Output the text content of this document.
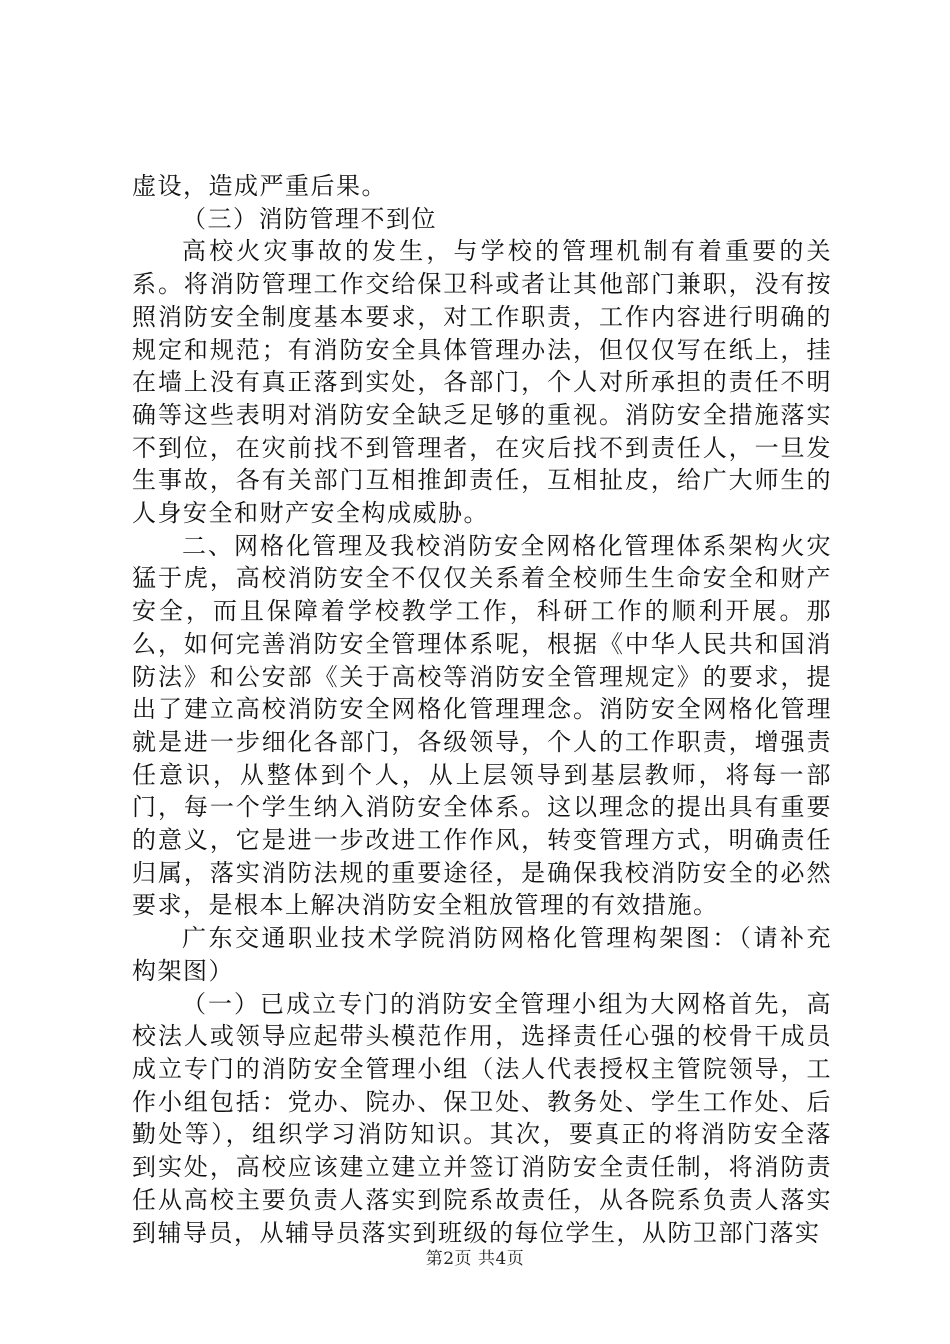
虚设，造成严重后果。

（三）消防管理不到位

高校火灾事故的发生，与学校的管理机制有着重要的关系。将消防管理工作交给保卫科或者让其他部门兼职，没有按照消防安全制度基本要求，对工作职责，工作内容进行明确的规定和规范；有消防安全具体管理办法，但仅仅写在纸上，挂在墙上没有真正落到实处，各部门，个人对所承担的责任不明确等这些表明对消防安全缺乏足够的重视。消防安全措施落实不到位，在灾前找不到管理者，在灾后找不到责任人，一旦发生事故，各有关部门互相推卸责任，互相扯皮，给广大师生的人身安全和财产安全构成威胁。

二、网格化管理及我校消防安全网格化管理体系架构火灾猛于虎，高校消防安全不仅仅关系着全校师生生命安全和财产安全，而且保障着学校教学工作，科研工作的顺利开展。那么，如何完善消防安全管理体系呢，根据《中华人民共和国消防法》和公安部《关于高校等消防安全管理规定》的要求，提出了建立高校消防安全网格化管理理念。消防安全网格化管理就是进一步细化各部门，各级领导，个人的工作职责，增强责任意识，从整体到个人，从上层领导到基层教师，将每一部门，每一个学生纳入消防安全体系。这以理念的提出具有重要的意义，它是进一步改进工作作风，转变管理方式，明确责任归属，落实消防法规的重要途径，是确保我校消防安全的必然要求，是根本上解决消防安全粗放管理的有效措施。

广东交通职业技术学院消防网格化管理构架图：（请补充构架图）

（一）已成立专门的消防安全管理小组为大网格首先，高校法人或领导应起带头模范作用，选择责任心强的校骨干成员成立专门的消防安全管理小组（法人代表授权主管院领导，工作小组包括：党办、院办、保卫处、教务处、学生工作处、后勤处等），组织学习消防知识。其次，要真正的将消防安全落到实处，高校应该建立建立并签订消防安全责任制，将消防责任从高校主要负责人落实到院系故责任，从各院系负责人落实到辅导员，从辅导员落实到班级的每位学生，从防卫部门落实

第2页 共4页
